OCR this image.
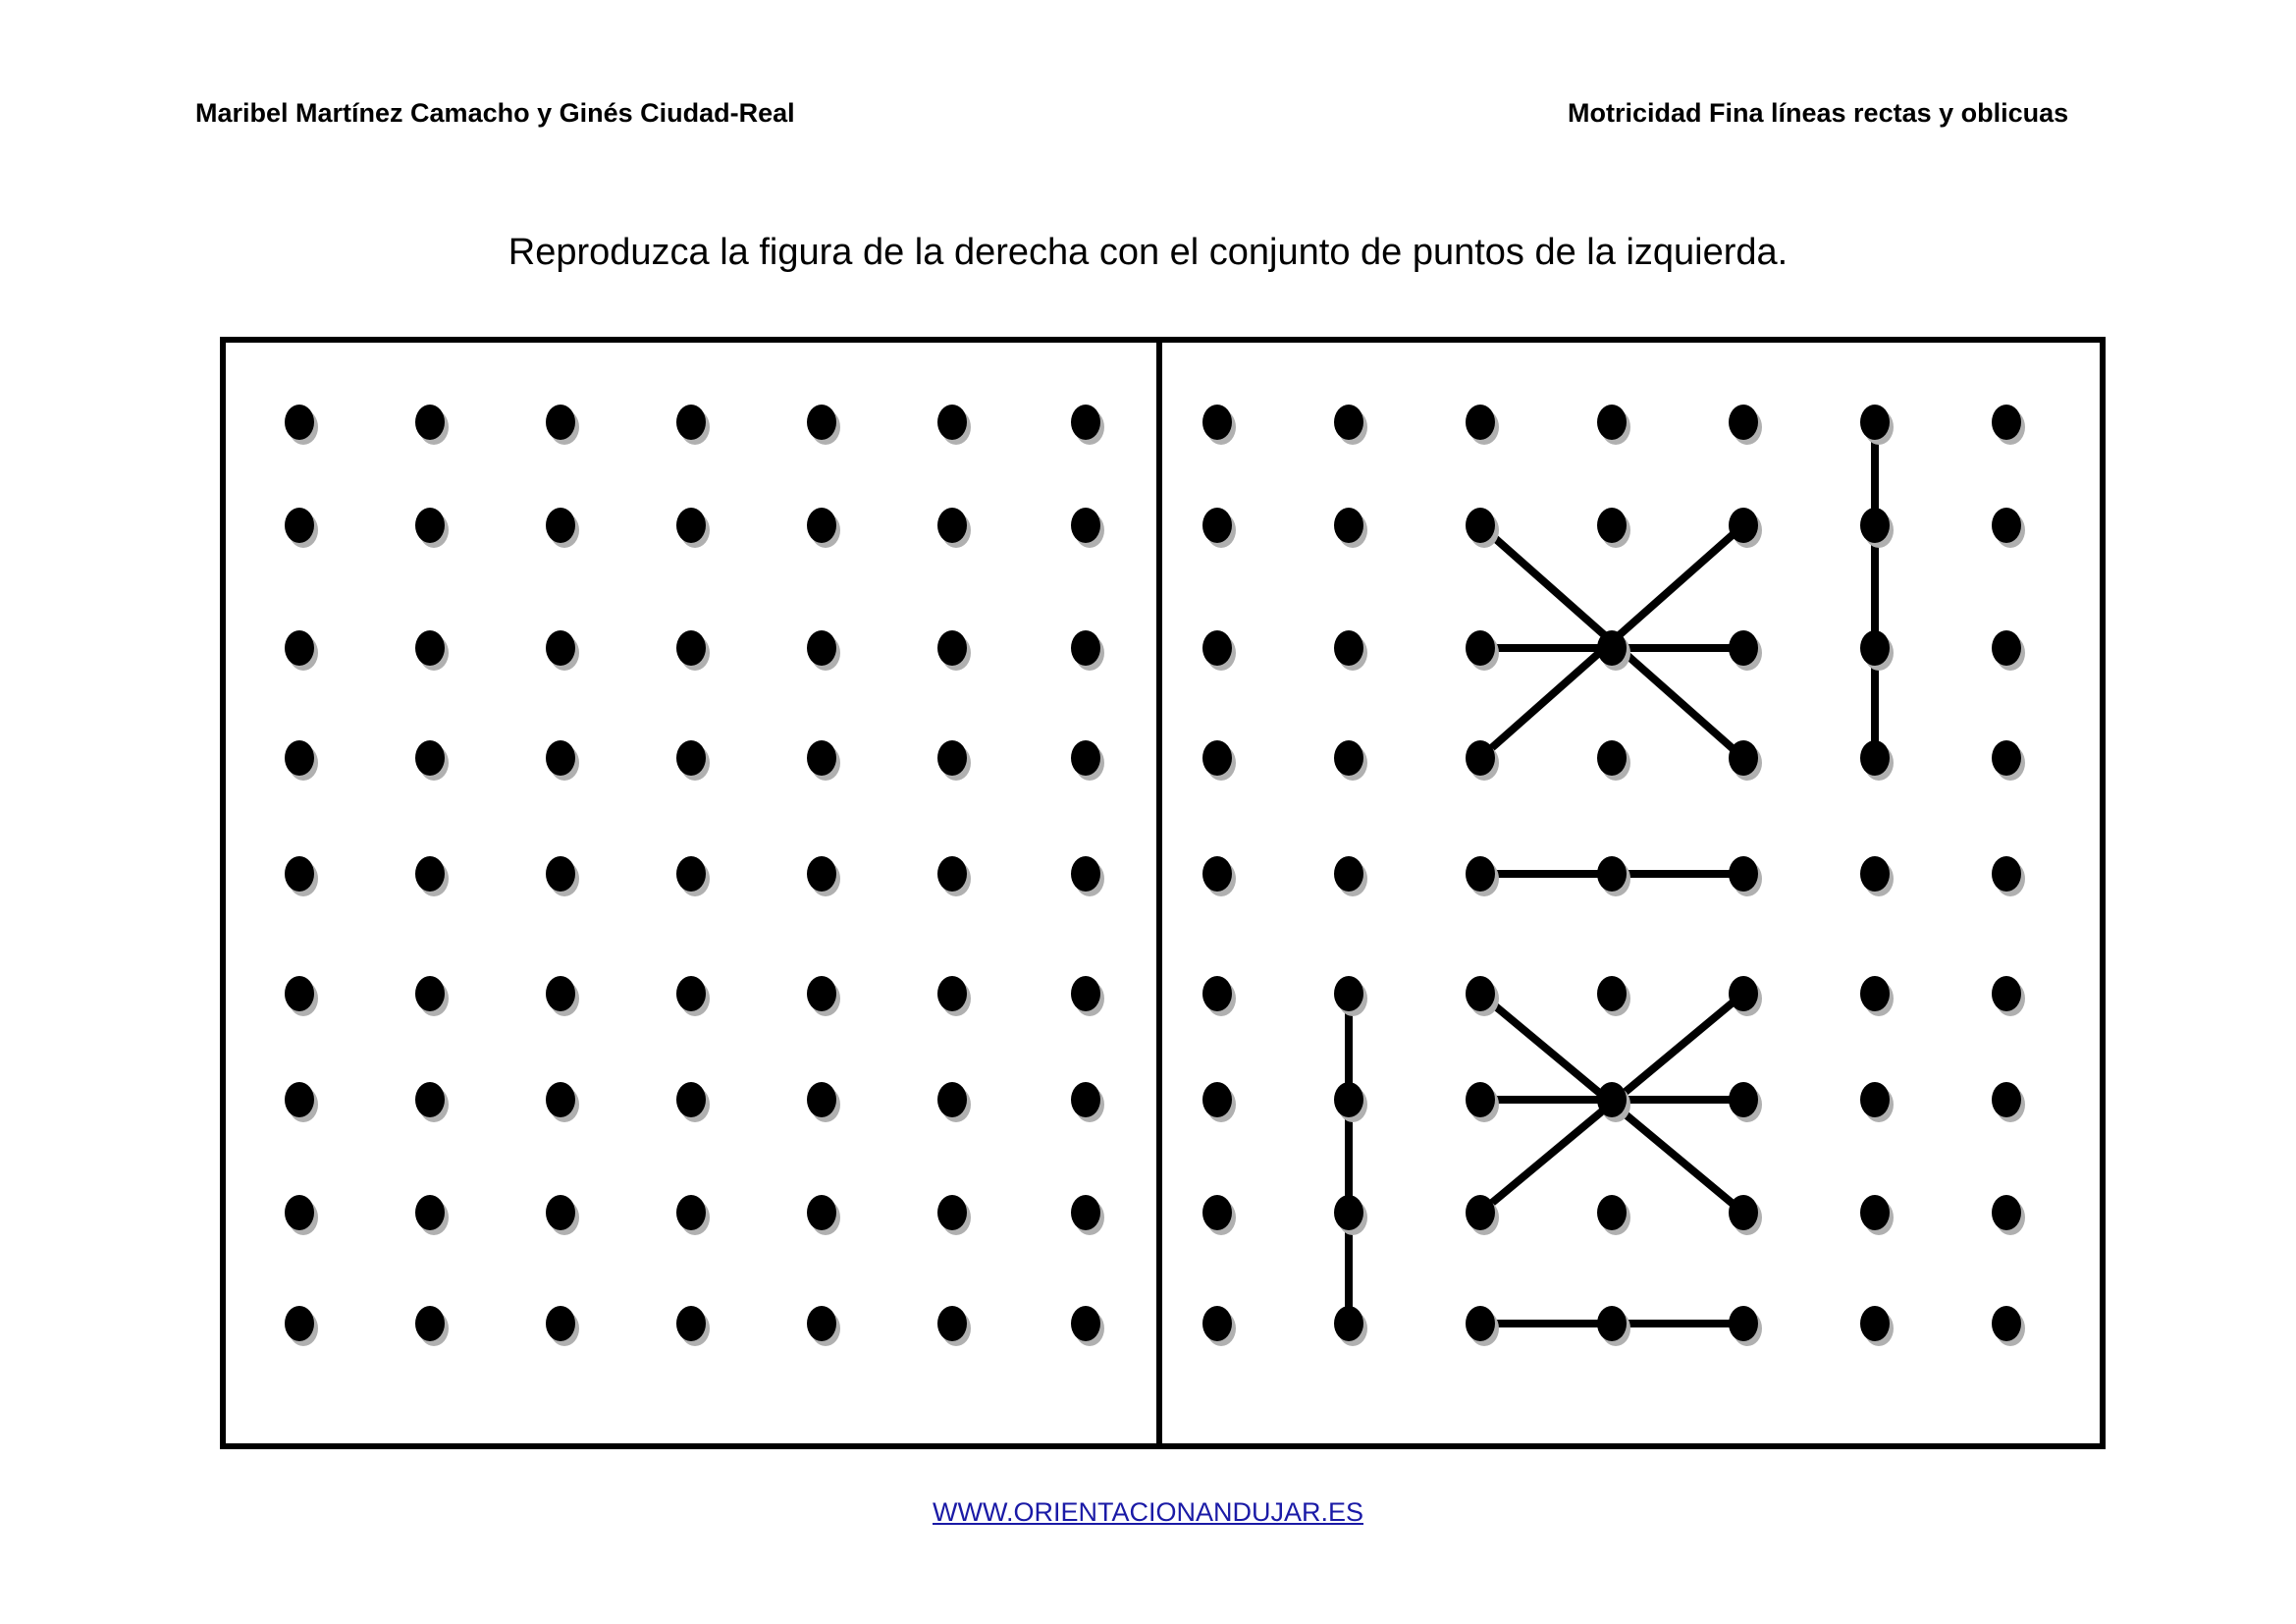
Maribel Martínez Camacho y Ginés Ciudad-Real	Motricidad Fina líneas rectas y oblicuas
Reproduzca la figura de la derecha con el conjunto de puntos de la izquierda.
WWW.ORIENTACIONANDUJAR.ES
